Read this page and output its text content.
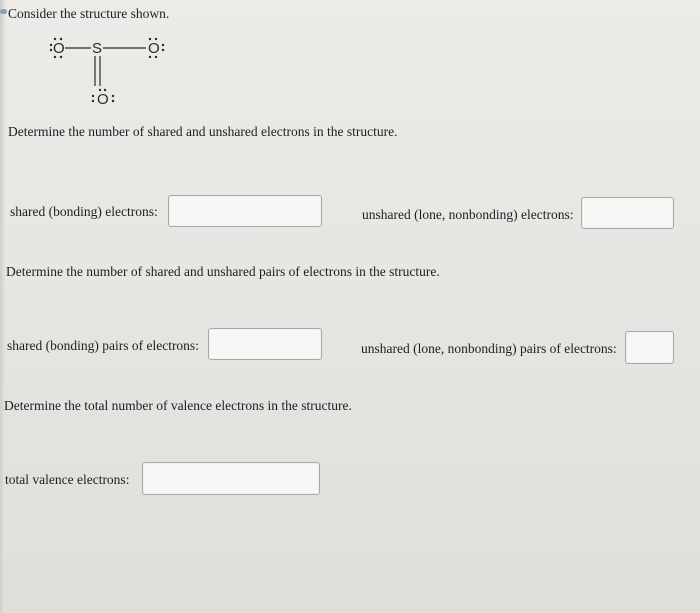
Consider the structure shown.
O S	O
O
Determine the number of shared and unshared electrons in the structure.
shared (bonding) electrons:	unshared (lone, nonbonding) electrons:
Determine the number of shared and unshared pairs of electrons in the structure.
shared (bonding) pairs of electrons:	unshared (lone, nonbonding) pairs of electrons:
Determine the total number of valence electrons in the structure.
total valence electrons:
